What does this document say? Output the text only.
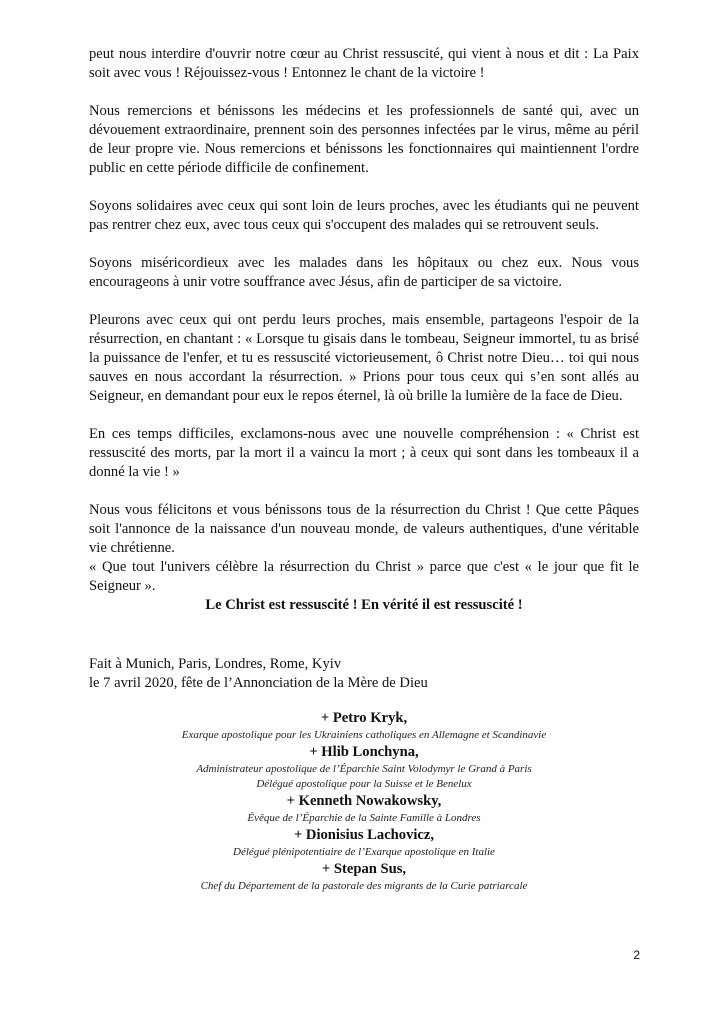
peut nous interdire d'ouvrir notre cœur au Christ ressuscité, qui vient à nous et dit : La Paix soit avec vous ! Réjouissez-vous ! Entonnez le chant de la victoire !

Nous remercions et bénissons les médecins et les professionnels de santé qui, avec un dévouement extraordinaire, prennent soin des personnes infectées par le virus, même au péril de leur propre vie. Nous remercions et bénissons les fonctionnaires qui maintiennent l'ordre public en cette période difficile de confinement.

Soyons solidaires avec ceux qui sont loin de leurs proches, avec les étudiants qui ne peuvent pas rentrer chez eux, avec tous ceux qui s'occupent des malades qui se retrouvent seuls.

Soyons miséricordieux avec les malades dans les hôpitaux ou chez eux. Nous vous encourageons à unir votre souffrance avec Jésus, afin de participer de sa victoire.

Pleurons avec ceux qui ont perdu leurs proches, mais ensemble, partageons l'espoir de la résurrection, en chantant : « Lorsque tu gisais dans le tombeau, Seigneur immortel, tu as brisé la puissance de l'enfer, et tu es ressuscité victorieusement, ô Christ notre Dieu… toi qui nous sauves en nous accordant la résurrection. » Prions pour tous ceux qui s’en sont allés au Seigneur, en demandant pour eux le repos éternel, là où brille la lumière de la face de Dieu.

En ces temps difficiles, exclamons-nous avec une nouvelle compréhension : « Christ est ressuscité des morts, par la mort il a vaincu la mort ; à ceux qui sont dans les tombeaux il a donné la vie ! »

Nous vous félicitons et vous bénissons tous de la résurrection du Christ ! Que cette Pâques soit l'annonce de la naissance d'un nouveau monde, de valeurs authentiques, d'une véritable vie chrétienne.

« Que tout l'univers célèbre la résurrection du Christ » parce que c'est « le jour que fit le Seigneur ».

Le Christ est ressuscité ! En vérité il est ressuscité !

Fait à Munich, Paris, Londres, Rome, Kyiv
le 7 avril 2020, fête de l’Annonciation de la Mère de Dieu
+ Petro Kryk,
Exarque apostolique pour les Ukrainiens catholiques en Allemagne et Scandinavie
+ Hlib Lonchyna,
Administrateur apostolique de l’Éparchie Saint Volodymyr le Grand à Paris
Délégué apostolique pour la Suisse et le Benelux
+ Kenneth Nowakowsky,
Évêque de l’Éparchie de la Sainte Famille à Londres
+ Dionisius Lachovicz,
Délégué plénipotentiaire de l’Exarque apostolique en Italie
+ Stepan Sus,
Chef du Département de la pastorale des migrants de la Curie patriarcale
2
